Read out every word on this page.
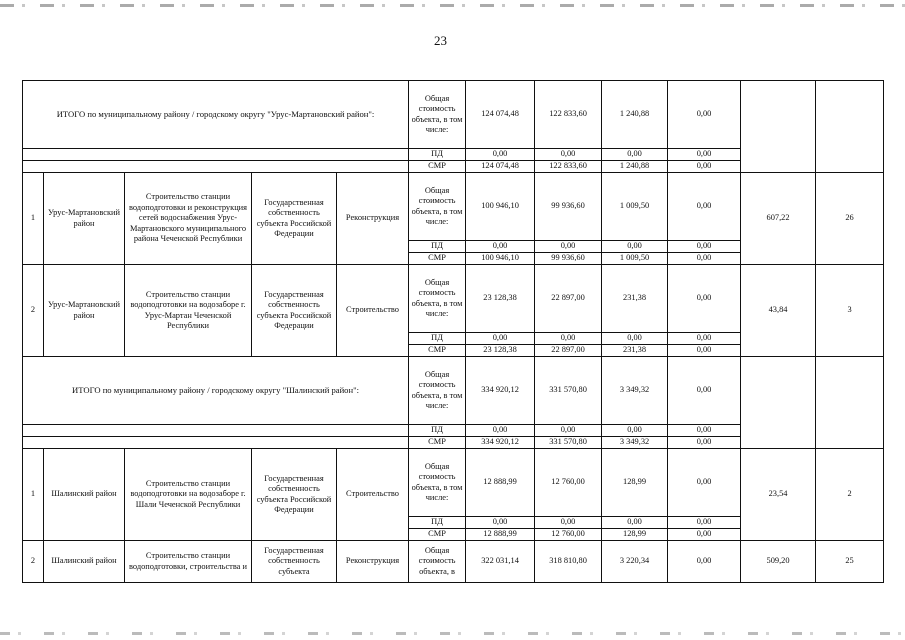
23
ИТОГО по муниципальному району / городскому округу "Урус-Мартановский район":					Общая стоимость объекта, в том числе:	124 074,48	122 833,60	1 240,88	0,00		
					ПД	0,00	0,00	0,00	0,00		
					СМР	124 074,48	122 833,60	1 240,88	0,00		
1	Урус-Мартановский район	Строительство станции водоподготовки и реконструкция сетей водоснабжения Урус-Мартановского муниципального района Чеченской Республики	Государственная собственность субъекта Российской Федерации	Реконструкция	Общая стоимость объекта, в том числе:	100 946,10	99 936,60	1 009,50	0,00	607,22	26
					ПД	0,00	0,00	0,00	0,00		
					СМР	100 946,10	99 936,60	1 009,50	0,00		
2	Урус-Мартановский район	Строительство станции водоподготовки на водозаборе г. Урус-Мартан Чеченской Республики	Государственная собственность субъекта Российской Федерации	Строительство	Общая стоимость объекта, в том числе:	23 128,38	22 897,00	231,38	0,00	43,84	3
					ПД	0,00	0,00	0,00	0,00		
					СМР	23 128,38	22 897,00	231,38	0,00		
ИТОГО по муниципальному району / городскому округу "Шалинский район":					Общая стоимость объекта, в том числе:	334 920,12	331 570,80	3 349,32	0,00		
					ПД	0,00	0,00	0,00	0,00		
					СМР	334 920,12	331 570,80	3 349,32	0,00		
1	Шалинский район	Строительство станции водоподготовки на водозаборе г. Шали Чеченской Республики	Государственная собственность субъекта Российской Федерации	Строительство	Общая стоимость объекта, в том числе:	12 888,99	12 760,00	128,99	0,00	23,54	2
					ПД	0,00	0,00	0,00	0,00		
					СМР	12 888,99	12 760,00	128,99	0,00		
2	Шалинский район	Строительство станции водоподготовки, строительства и	Государственная собственность субъекта	Реконструкция	Общая стоимость объекта, в	322 031,14	318 810,80	3 220,34	0,00	509,20	25
